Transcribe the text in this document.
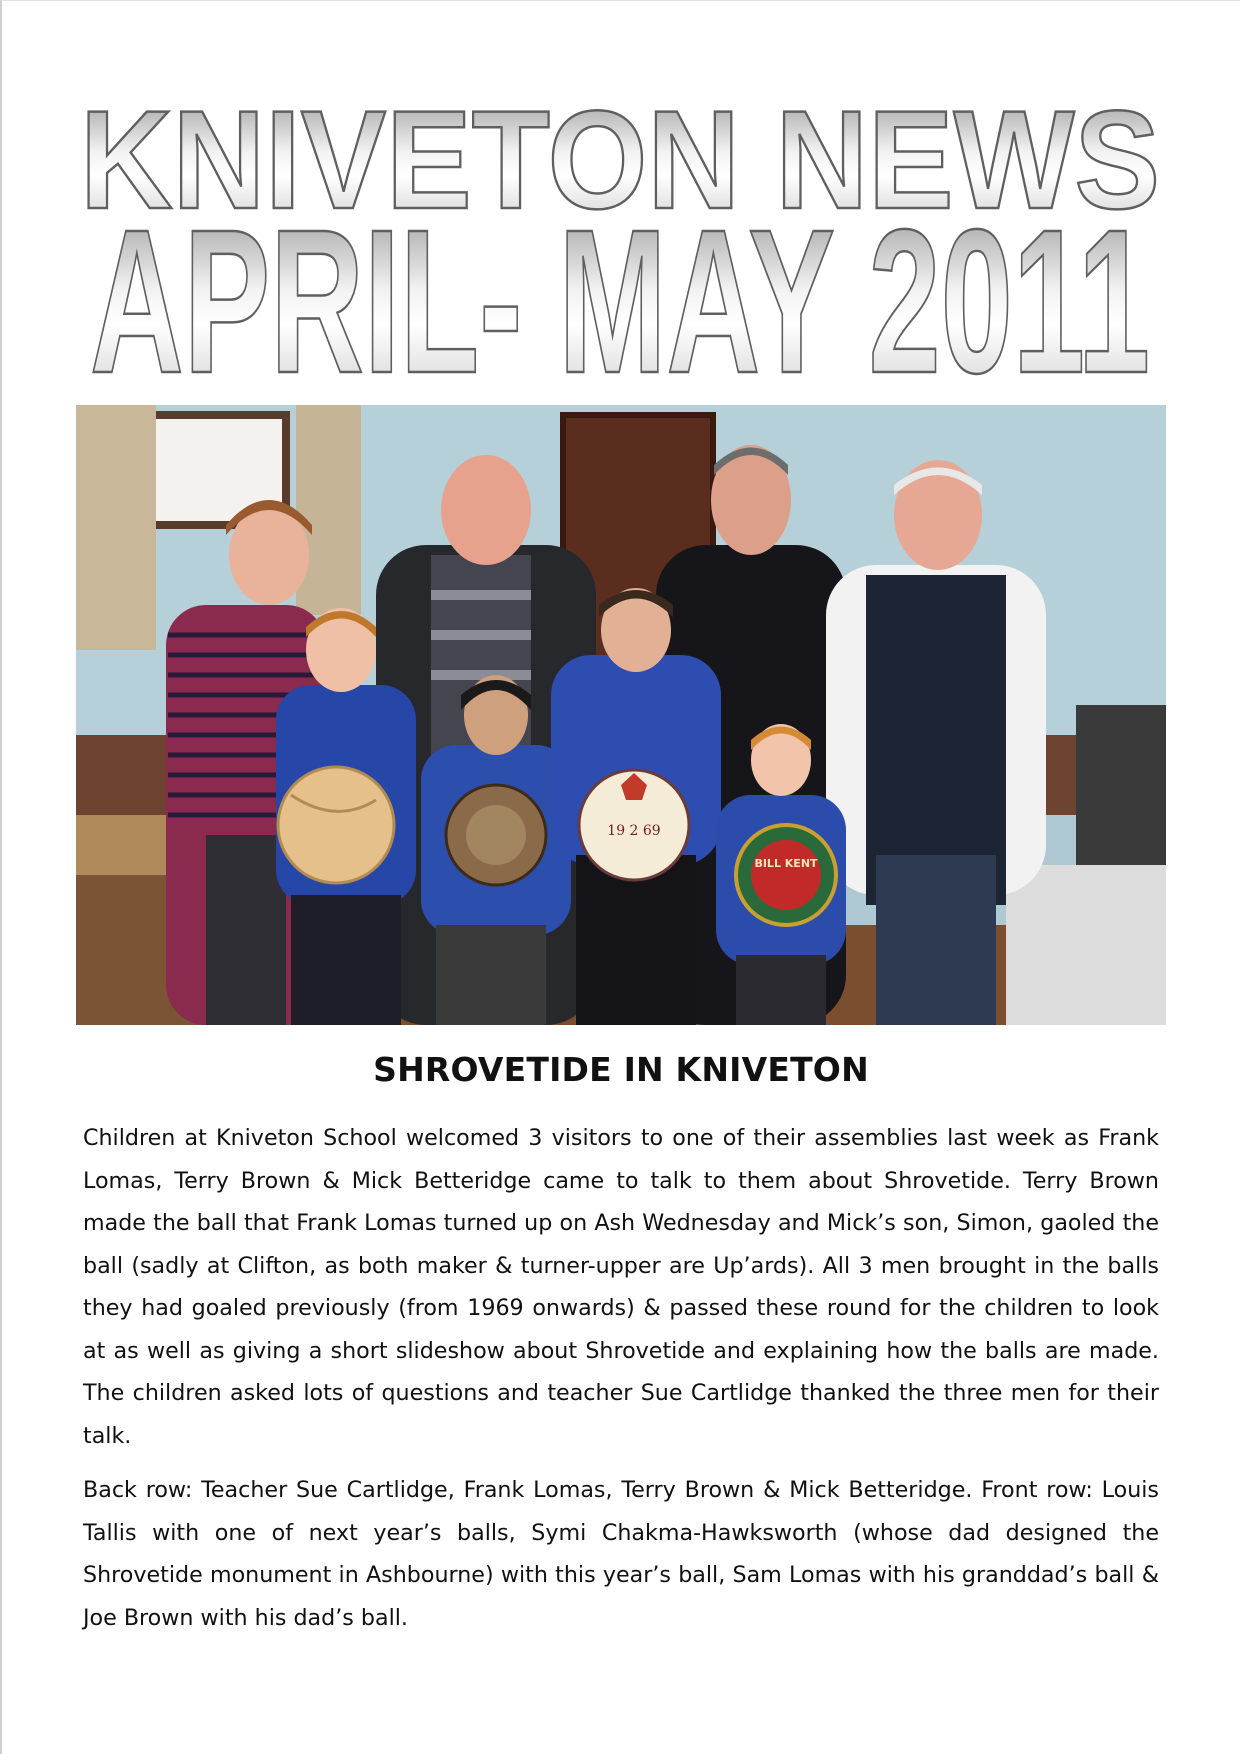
KNIVETON NEWS
APRIL- MAY 2011
19 2 69
BILL KENT
SHROVETIDE IN KNIVETON

Children at Kniveton School welcomed 3 visitors to one of their assemblies last week as Frank Lomas, Terry Brown & Mick Betteridge came to talk to them about Shrovetide. Terry Brown made the ball that Frank Lomas turned up on Ash Wednesday and Mick’s son, Simon, gaoled the ball (sadly at Clifton, as both maker & turner-upper are Up’ards). All 3 men brought in the balls they had goaled previously (from 1969 onwards) & passed these round for the children to look at as well as giving a short slideshow about Shrovetide and explaining how the balls are made. The children asked lots of questions and teacher Sue Cartlidge thanked the three men for their talk.

Back row: Teacher Sue Cartlidge, Frank Lomas, Terry Brown & Mick Betteridge. Front row: Louis Tallis with one of next year’s balls, Symi Chakma-Hawksworth (whose dad designed the Shrovetide monument in Ashbourne) with this year’s ball, Sam Lomas with his granddad’s ball & Joe Brown with his dad’s ball.
